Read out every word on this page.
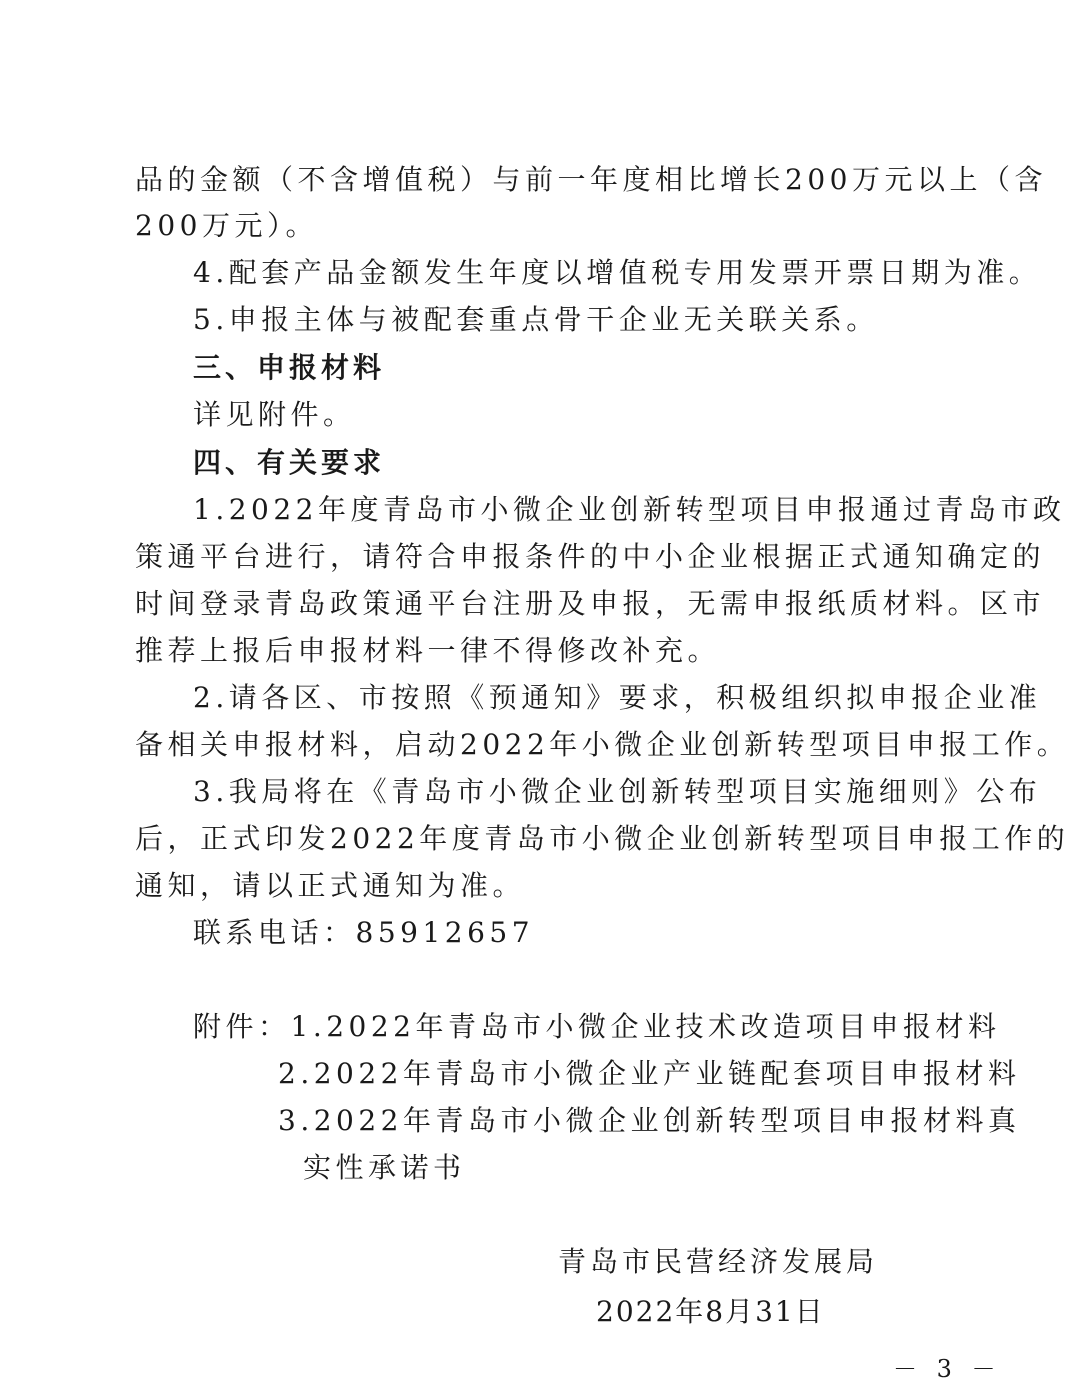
品的金额（不含增值税）与前一年度相比增长200万元以上（含
200万元）。
4.配套产品金额发生年度以增值税专用发票开票日期为准。
5.申报主体与被配套重点骨干企业无关联关系。
三、申报材料
详见附件。
四、有关要求
1.2022年度青岛市小微企业创新转型项目申报通过青岛市政
策通平台进行，请符合申报条件的中小企业根据正式通知确定的
时间登录青岛政策通平台注册及申报，无需申报纸质材料。区市
推荐上报后申报材料一律不得修改补充。
2.请各区、市按照《预通知》要求，积极组织拟申报企业准
备相关申报材料，启动2022年小微企业创新转型项目申报工作。
3.我局将在《青岛市小微企业创新转型项目实施细则》公布
后，正式印发2022年度青岛市小微企业创新转型项目申报工作的
通知，请以正式通知为准。
联系电话：85912657
附件：1.2022年青岛市小微企业技术改造项目申报材料
2.2022年青岛市小微企业产业链配套项目申报材料
3.2022年青岛市小微企业创新转型项目申报材料真
实性承诺书
青岛市民营经济发展局
2022年8月31日
－ 3 －
